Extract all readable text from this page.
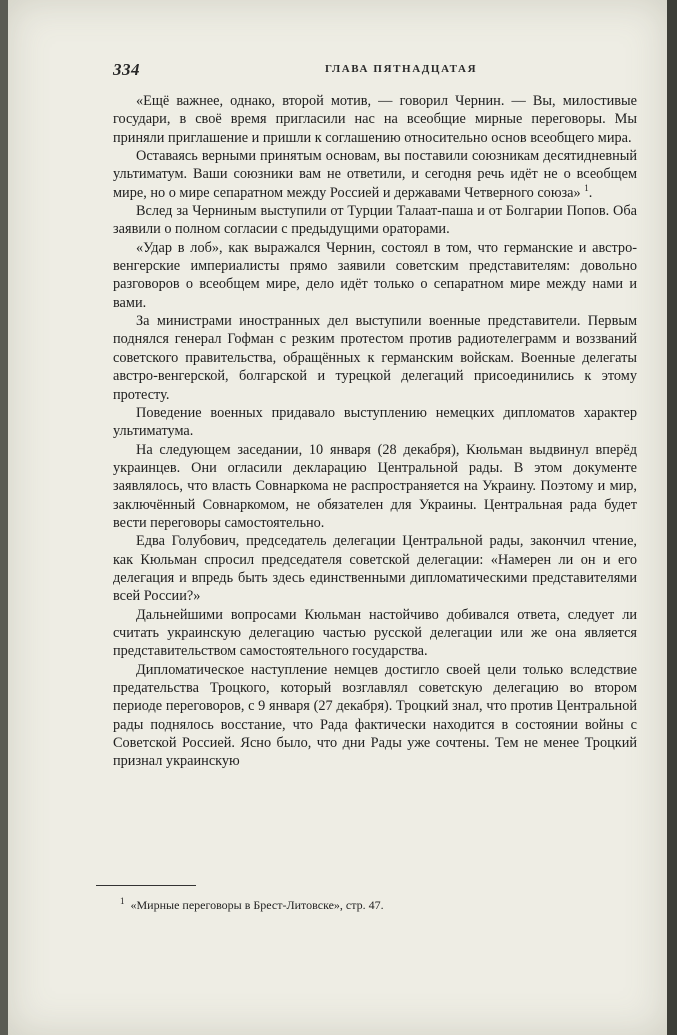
334	ГЛАВА ПЯТНАДЦАТАЯ

«Ещё важнее, однако, второй мотив, — говорил Чернин. — Вы, милостивые государи, в своё время пригласили нас на всеобщие мирные переговоры. Мы приняли приглашение и пришли к соглашению относительно основ всеобщего мира.

Оставаясь верными принятым основам, вы поставили союзникам десятидневный ультиматум. Ваши союзники вам не ответили, и сегодня речь идёт не о всеобщем мире, но о мире сепаратном между Россией и державами Четверного союза» $^1$.

Вслед за Черниным выступили от Турции Талаат-паша и от Болгарии Попов. Оба заявили о полном согласии с предыдущими ораторами.

«Удар в лоб», как выражался Чернин, состоял в том, что германские и австро-венгерские империалисты прямо заявили советским представителям: довольно разговоров о всеобщем мире, дело идёт только о сепаратном мире между нами и вами.

За министрами иностранных дел выступили военные представители. Первым поднялся генерал Гофман с резким протестом против радиотелеграмм и воззваний советского правительства, обращённых к германским войскам. Военные делегаты австро-венгерской, болгарской и турецкой делегаций присоединились к этому протесту.

Поведение военных придавало выступлению немецких дипломатов характер ультиматума.

На следующем заседании, 10 января (28 декабря), Кюльман выдвинул вперёд украинцев. Они огласили декларацию Центральной рады. В этом документе заявлялось, что власть Совнаркома не распространяется на Украину. Поэтому и мир, заключённый Совнаркомом, не обязателен для Украины. Центральная рада будет вести переговоры самостоятельно.

Едва Голубович, председатель делегации Центральной рады, закончил чтение, как Кюльман спросил председателя советской делегации: «Намерен ли он и его делегация и впредь быть здесь единственными дипломатическими представителями всей России?»

Дальнейшими вопросами Кюльман настойчиво добивался ответа, следует ли считать украинскую делегацию частью русской делегации или же она является представительством самостоятельного государства.

Дипломатическое наступление немцев достигло своей цели только вследствие предательства Троцкого, который возглавлял советскую делегацию во втором периоде переговоров, с 9 января (27 декабря). Троцкий знал, что против Центральной рады поднялось восстание, что Рада фактически находится в состоянии войны с Советской Россией. Ясно было, что дни Рады уже сочтены. Тем не менее Троцкий признал украинскую

$^1$ «Мирные переговоры в Брест-Литовске», стр. 47.
